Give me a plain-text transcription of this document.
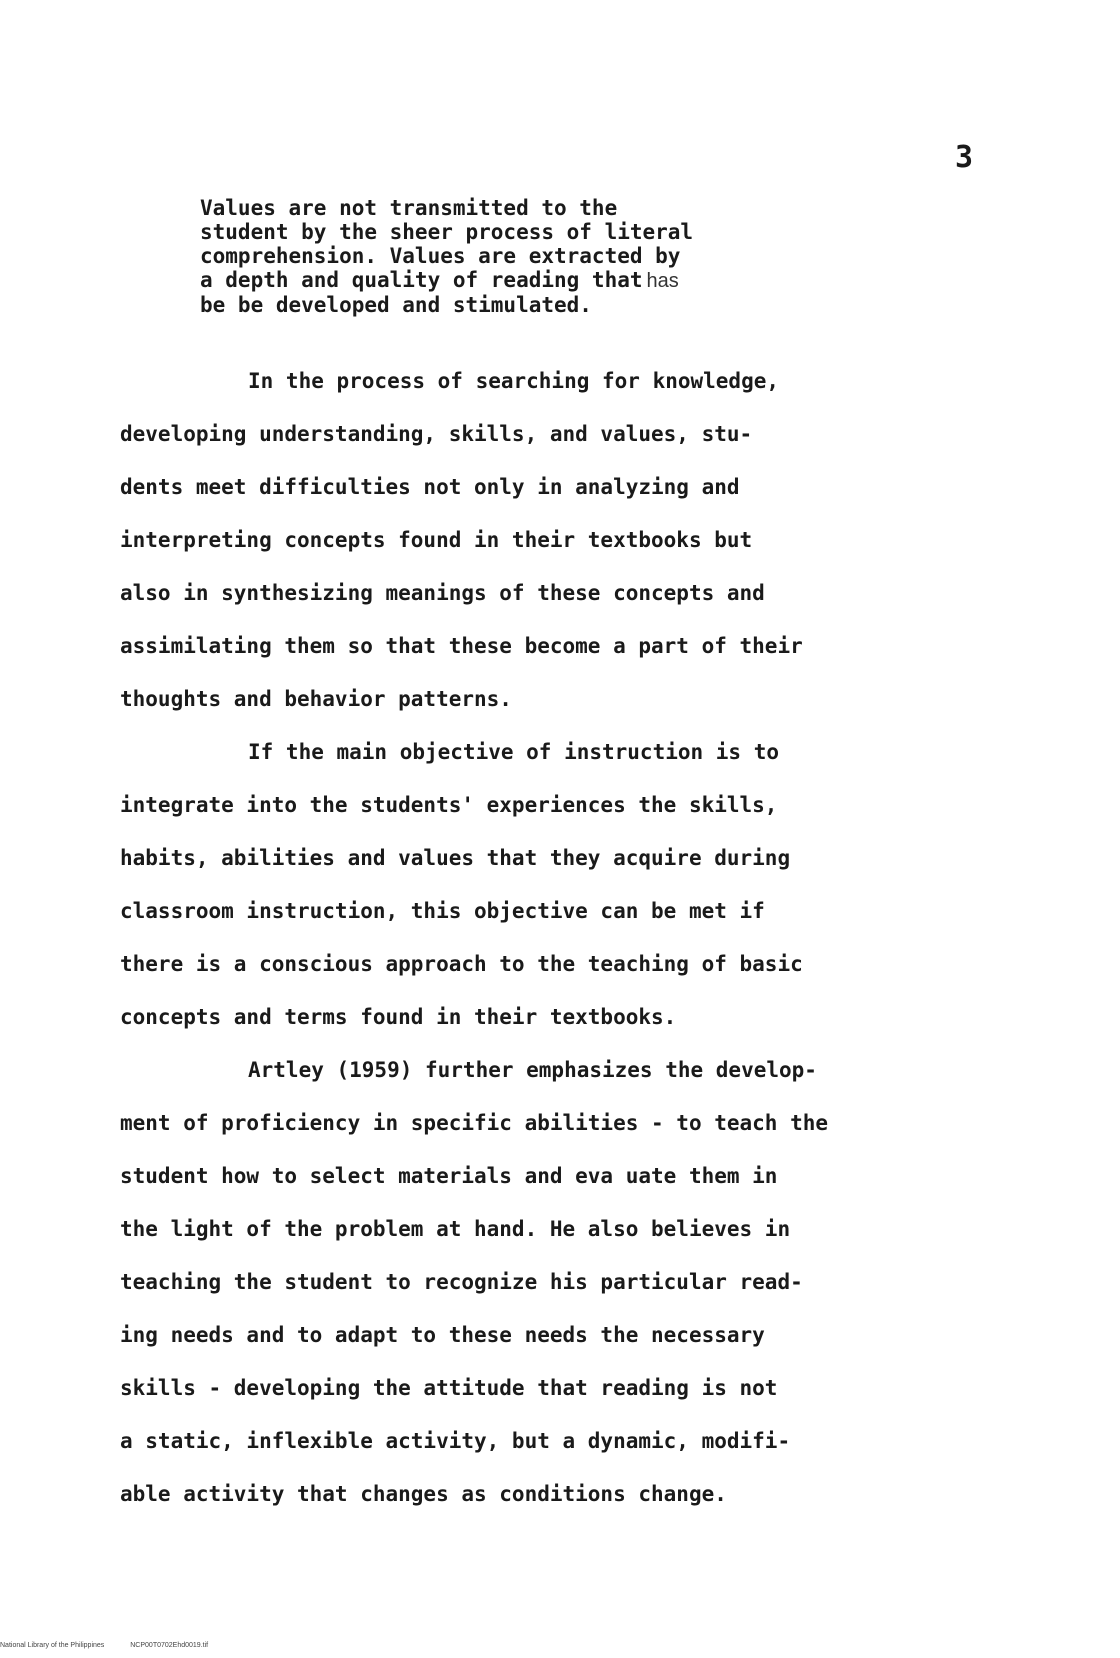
3
Values are not transmitted to the
student by the sheer process of literal
comprehension. Values are extracted by
a depth and quality of reading that has
be be developed and stimulated.
In the process of searching for knowledge,
developing understanding, skills, and values, stu-
dents meet difficulties not only in analyzing and
interpreting concepts found in their textbooks but
also in synthesizing meanings of these concepts and
assimilating them so that these become a part of their
thoughts and behavior patterns.
If the main objective of instruction is to
integrate into the students' experiences the skills,
habits, abilities and values that they acquire during
classroom instruction, this objective can be met if
there is a conscious approach to the teaching of basic
concepts and terms found in their textbooks.
Artley (1959) further emphasizes the develop-
ment of proficiency in specific abilities - to teach the
student how to select materials and eva uate them in
the light of the problem at hand. He also believes in
teaching the student to recognize his particular read-
ing needs and to adapt to these needs the necessary
skills - developing the attitude that reading is not
a static, inflexible activity, but a dynamic, modifi-
able activity that changes as conditions change.
National Library of the Philippines	NCP00T0702Ehd0019.tif
